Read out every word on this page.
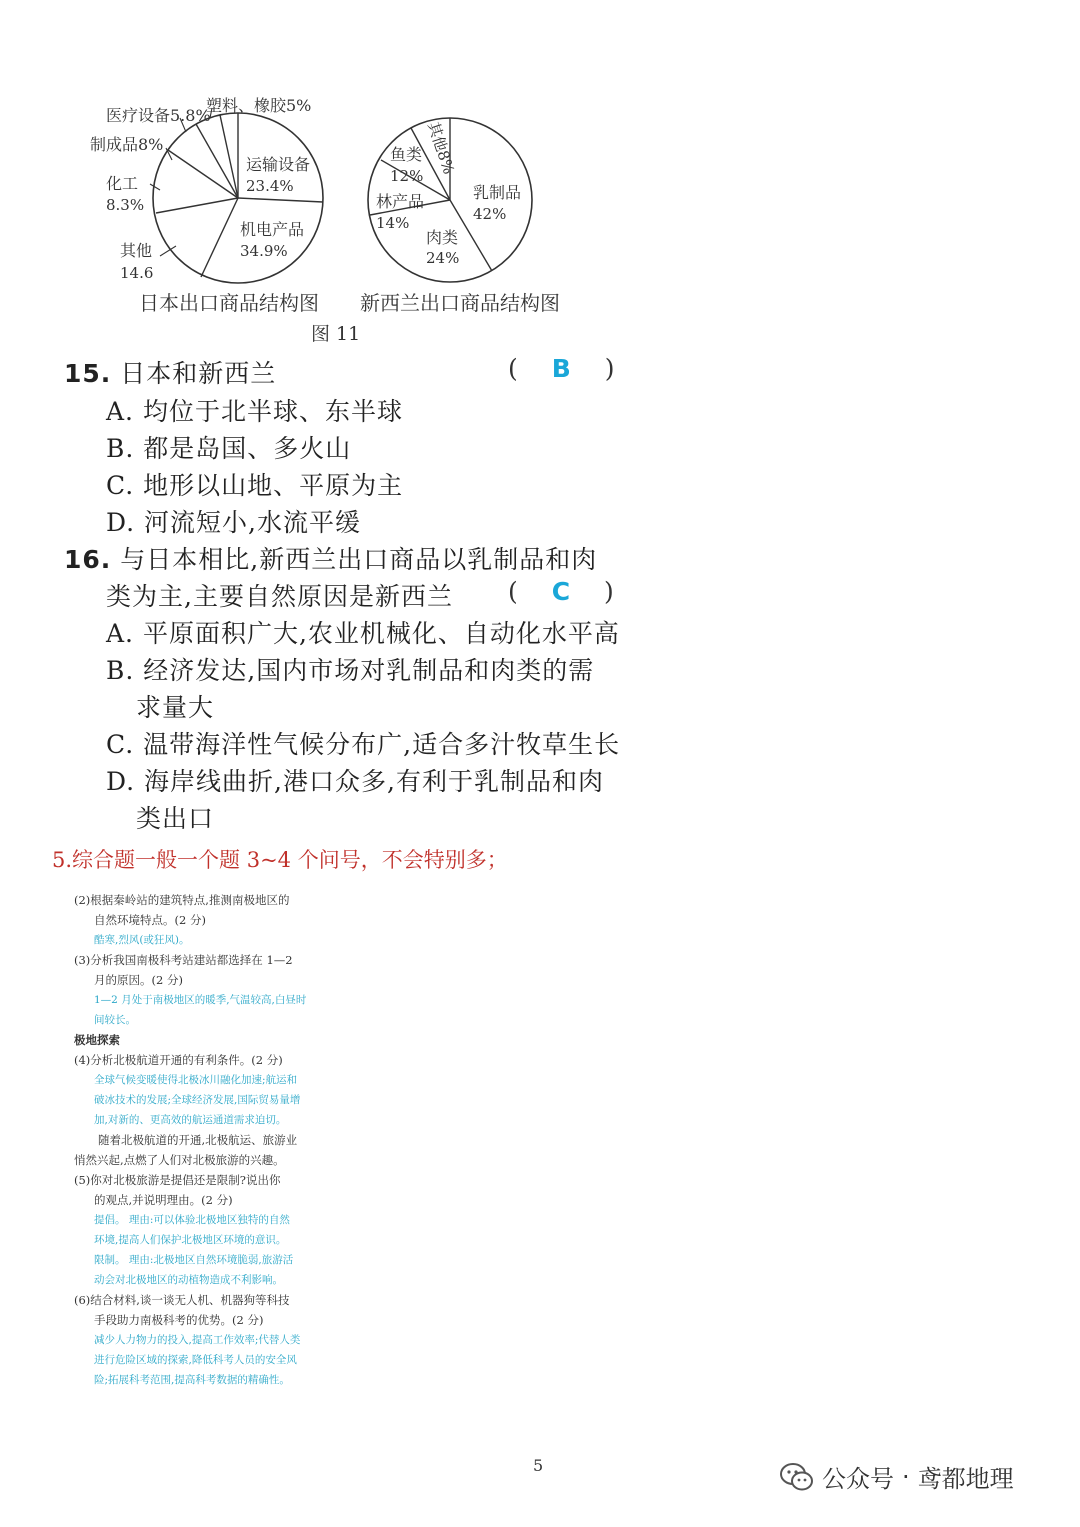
运输设备
23.4%
机电产品
34.9%
其他
14.6
化工
8.3%
制成品8%
医疗设备5.8%
塑料、橡胶5%
乳制品
42%
肉类
24%
林产品
14%
鱼类
12% 其他8%
日本出口商品结构图 新西兰出口商品结构图
图 11
15. 日本和新西兰	( B )
A. 均位于北半球、东半球
B. 都是岛国、多火山
C. 地形以山地、平原为主
D. 河流短小,水流平缓
16. 与日本相比,新西兰出口商品以乳制品和肉
类为主,主要自然原因是新西兰 ( C )
A. 平原面积广大,农业机械化、自动化水平高
B. 经济发达,国内市场对乳制品和肉类的需
求量大
C. 温带海洋性气候分布广,适合多汁牧草生长
D. 海岸线曲折,港口众多,有利于乳制品和肉
类出口
5.综合题一般一个题 3~4 个问号，不会特别多；
(2)根据秦岭站的建筑特点,推测南极地区的
自然环境特点。(2 分)
酷寒,烈风(或狂风)。
(3)分析我国南极科考站建站都选择在 1—2
月的原因。(2 分)
1—2 月处于南极地区的暖季,气温较高,白昼时
间较长。
极地探索
(4)分析北极航道开通的有利条件。(2 分)
全球气候变暖使得北极冰川融化加速;航运和
破冰技术的发展;全球经济发展,国际贸易量增
加,对新的、更高效的航运通道需求迫切。
随着北极航道的开通,北极航运、旅游业
悄然兴起,点燃了人们对北极旅游的兴趣。
(5)你对北极旅游是提倡还是限制?说出你
的观点,并说明理由。(2 分)
提倡。 理由:可以体验北极地区独特的自然
环境,提高人们保护北极地区环境的意识。
限制。 理由:北极地区自然环境脆弱,旅游活
动会对北极地区的动植物造成不利影响。
(6)结合材料,谈一谈无人机、机器狗等科技
手段助力南极科考的优势。(2 分)
减少人力物力的投入,提高工作效率;代替人类
进行危险区域的探索,降低科考人员的安全风
险;拓展科考范围,提高科考数据的精确性。
5	公众号 · 鸢都地理
